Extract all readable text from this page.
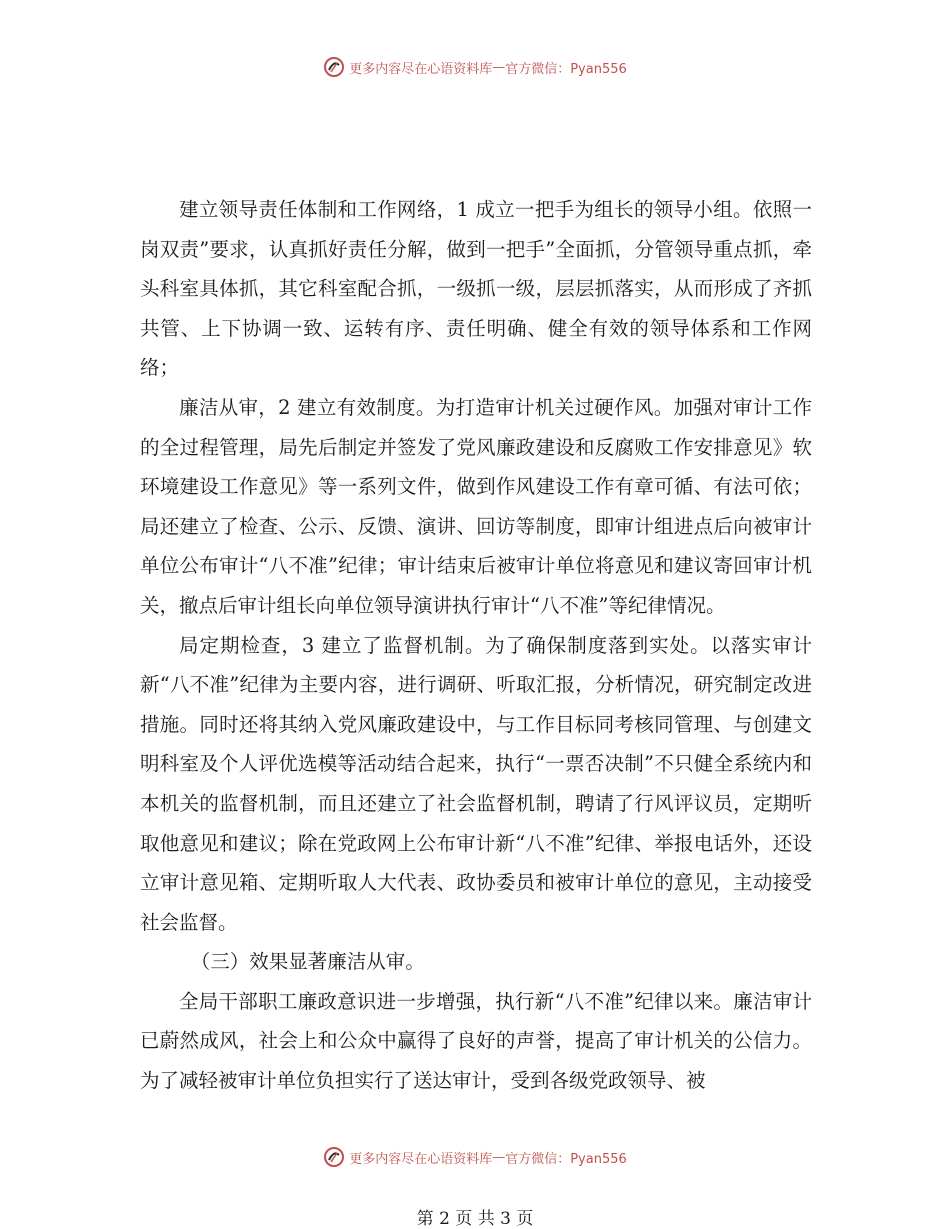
更多内容尽在心语资料库 — 官方微信：Pyan556

建立领导责任体制和工作网络，1 成立一把手为组长的领导小组。依照一岗双责”要求，认真抓好责任分解，做到一把手”全面抓，分管领导重点抓，牵头科室具体抓，其它科室配合抓，一级抓一级，层层抓落实，从而形成了齐抓共管、上下协调一致、运转有序、责任明确、健全有效的领导体系和工作网络；

廉洁从审，2 建立有效制度。为打造审计机关过硬作风。加强对审计工作的全过程管理，局先后制定并签发了党风廉政建设和反腐败工作安排意见》软环境建设工作意见》等一系列文件，做到作风建设工作有章可循、有法可依；局还建立了检查、公示、反馈、演讲、回访等制度，即审计组进点后向被审计单位公布审计“八不准”纪律；审计结束后被审计单位将意见和建议寄回审计机关，撤点后审计组长向单位领导演讲执行审计“八不准”等纪律情况。

局定期检查，3 建立了监督机制。为了确保制度落到实处。以落实审计新“八不准”纪律为主要内容，进行调研、听取汇报，分析情况，研究制定改进措施。同时还将其纳入党风廉政建设中，与工作目标同考核同管理、与创建文明科室及个人评优选模等活动结合起来，执行“一票否决制”不只健全系统内和本机关的监督机制，而且还建立了社会监督机制，聘请了行风评议员，定期听取他意见和建议；除在党政网上公布审计新“八不准”纪律、举报电话外，还设立审计意见箱、定期听取人大代表、政协委员和被审计单位的意见，主动接受社会监督。

（三）效果显著廉洁从审。

全局干部职工廉政意识进一步增强，执行新“八不准”纪律以来。廉洁审计已蔚然成风，社会上和公众中赢得了良好的声誉，提高了审计机关的公信力。为了减轻被审计单位负担实行了送达审计，受到各级党政领导、被

更多内容尽在心语资料库 — 官方微信：Pyan556
第 2 页 共 3 页
